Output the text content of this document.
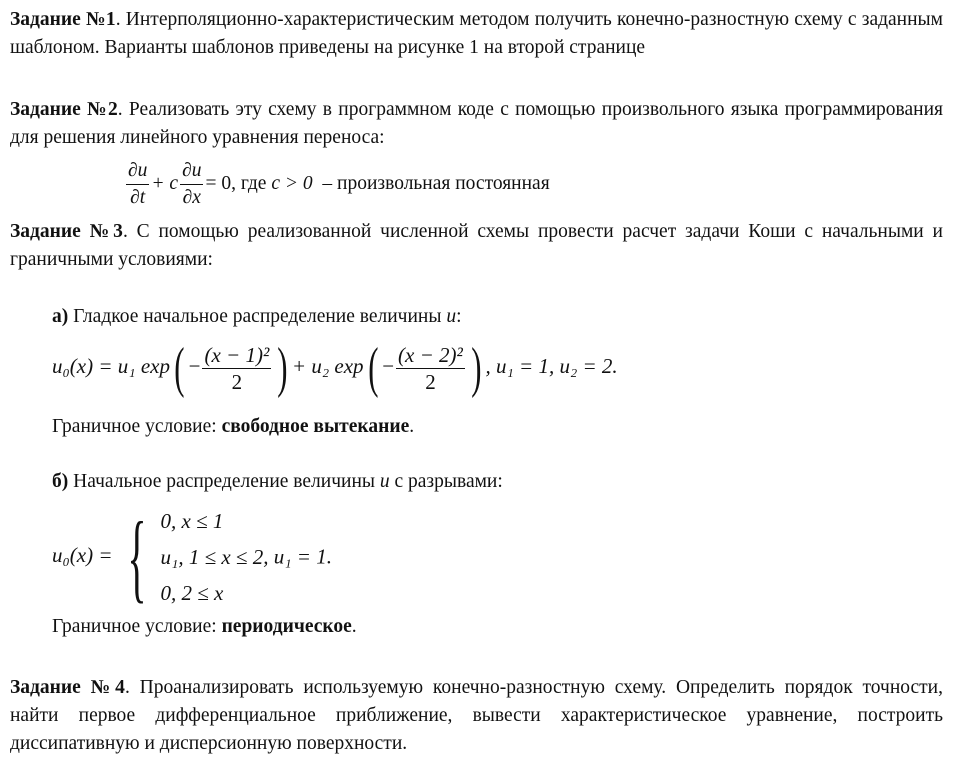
Задание №1. Интерполяционно-характеристическим методом получить конечно-разностную схему с заданным шаблоном. Варианты шаблонов приведены на рисунке 1 на второй странице
Задание №2. Реализовать эту схему в программном коде с помощью произвольного языка программирования для решения линейного уравнения переноса:
$\frac{\partial u}{\partial t} + c \frac{\partial u}{\partial x} = 0$, где c > 0 – произвольная постоянная
Задание №3. С помощью реализованной численной схемы провести расчет задачи Коши с начальными и граничными условиями:
а) Гладкое начальное распределение величины u:
u₀(x) = u₁ $\exp( - \frac{\text{(x − 1)²}}{2}$ ) + u₂ $\exp( - \frac{\text{(x − 2)²}}{2}$ ) , u₁ = 1, u₂ = 2.
Граничное условие: свободное вытекание.
б) Начальное распределение величины u с разрывами:
u₀(x) = { 0, x ≤ 1
u₁, 1 ≤ x ≤ 2
0, 2 ≤ x
, u₁ = 1.
Граничное условие: периодическое.
Задание №4. Проанализировать используемую конечно-разностную схему. Определить порядок точности, найти первое дифференциальное приближение, вывести характеристическое уравнение, построить диссипативную и дисперсионную поверхности.
